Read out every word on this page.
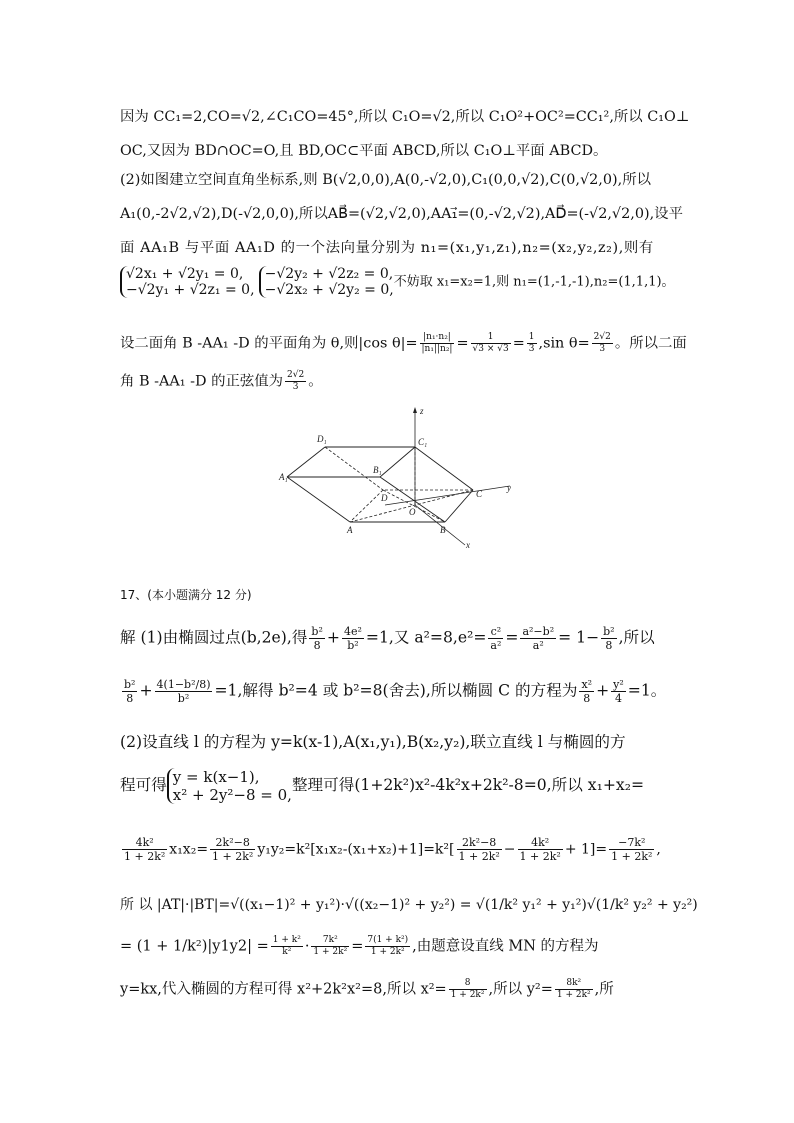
因为 CC₁=2,CO=√2,∠C₁CO=45°,所以 C₁O=√2,所以 C₁O²+OC²=CC₁²,所以 C₁O⊥
OC,又因为 BD∩OC=O,且 BD,OC⊂平面 ABCD,所以 C₁O⊥平面 ABCD。
(2)如图建立空间直角坐标系,则 B(√2,0,0),A(0,-√2,0),C₁(0,0,√2),C(0,√2,0),所以
A₁(0,-2√2,√2),D(-√2,0,0),所以AB⃗=(√2,√2,0),AA₁⃗=(0,-√2,√2),AD⃗=(-√2,√2,0),设平
面 AA₁B 与平面 AA₁D 的一个法向量分别为 n₁=(x₁,y₁,z₁),n₂=(x₂,y₂,z₂),则有
√2x₁ + √2y₁ = 0,
−√2y₁ + √2z₁ = 0,

−√2y₂ + √2z₂ = 0,
−√2x₂ + √2y₂ = 0, 不妨取 x₁=x₂=1,则 n₁=(1,-1,-1),n₂=(1,1,1)。
设二面角 B -AA₁ -D 的平面角为 θ,则|cos $\theta|= \frac{\text{|n₁·n₂|}}{\text{|n₁||n₂|}} = \frac{1}{√3 \times √3} = \frac{1}{3} ,\sin$ $\theta= \frac{2√2}{3}$ 。所以二面
角 B -AA₁ -D 的正弦值为 $\frac{2√2}{3}$ 。
z
y
x
D₁	C₁
B₁
A₁
D
O
C
A	B
17、(本小题满分 12 分)
解 (1)由椭圆过点(b,2e),得 $\frac{\text{b²}}{8} + \frac{\text{4e²}}{\text{b²}} =1$,又 $a^2=8,e^2= \frac{\text{c²}}{\text{a²}} = \frac{\text{a²−b²}}{\text{a²}} = 1- \frac{\text{b²}}{8}$ ,所以
$\frac{\text{b²}}{8} + \frac{\text{4(1−b²/8)}}{\text{b²}} =1$,解得 b²=4 或 b²=8(舍去),所以椭圆 C 的方程为 $\frac{\text{x²}}{8} + \frac{\text{y²}}{4} =1$。
(2)设直线 l 的方程为 y=k(x-1),A(x₁,y₁),B(x₂,y₂),联立直线 l 与椭圆的方
程可得 y = k(x−1),
x² + 2y²−8 = 0,
整理可得(1+2k²)x²-4k²x+2k²-8=0,所以 x₁+x₂=
$\frac{\text{4k²}}{\text{1 + 2k²}} x_1x_2= \frac{\text{2k²−8}}{\text{1 + 2k²}} y_1y_2=k^2[x_1x_2-(x_1+x_2)+1]=k^2[ \frac{\text{2k²−8}}{\text{1 + 2k²}} - \frac{\text{4k²}}{\text{1 + 2k²}} + 1]= \frac{\text{−7k²}}{\text{1 + 2k²}}$ ,
所 以 |AT|·|BT|=√((x₁−1)² + y₁²)·√((x₂−1)² + y₂²) = √(1/k² y₁² + y₁²)√(1/k² y₂² + y₂²)
= $(1 + 1/k^2)|y1y2| = \frac{\text{1 + k²}}{\text{k²}} \cdot \frac{\text{7k²}}{\text{1 + 2k²}} = \frac{\text{7(1 + k²)}}{\text{1 + 2k²}}$ ,由题意设直线 MN 的方程为
y=kx,代入椭圆的方程可得 x²+2k²x²=8,所以 $x^2= \frac{8}{\text{1 + 2k²}}$ ,所以 $y^2= \frac{\text{8k²}}{\text{1 + 2k²}}$ ,所
